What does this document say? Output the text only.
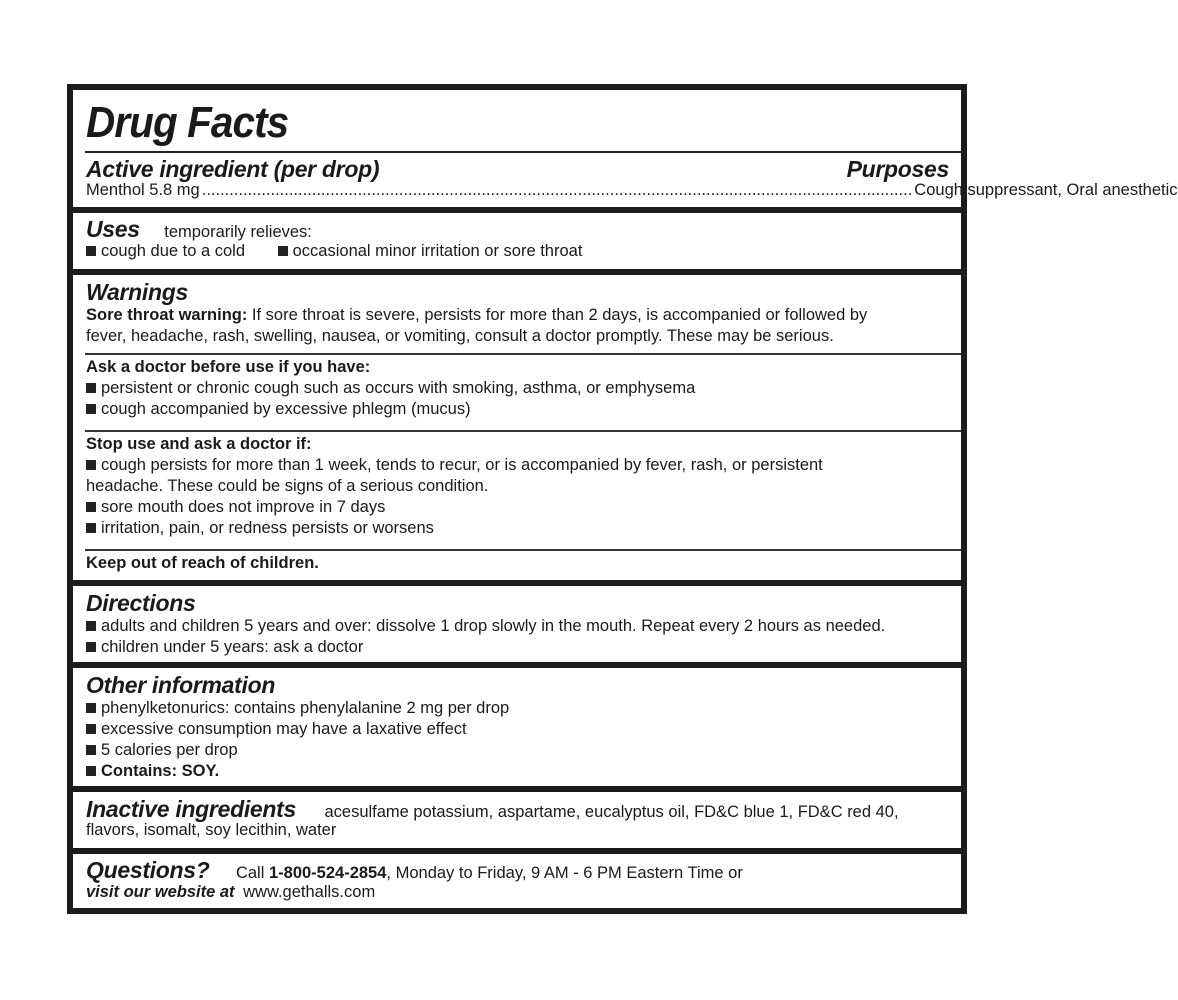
Drug Facts
Active ingredient (per drop)	Purposes
Menthol 5.8 mg ........................................................................................................................................................... Cough suppressant, Oral anesthetic
Uses temporarily relieves:
cough due to a cold	occasional minor irritation or sore throat
Warnings
Sore throat warning: If sore throat is severe, persists for more than 2 days, is accompanied or followed by
fever, headache, rash, swelling, nausea, or vomiting, consult a doctor promptly. These may be serious.
Ask a doctor before use if you have:
persistent or chronic cough such as occurs with smoking, asthma, or emphysema
cough accompanied by excessive phlegm (mucus)
Stop use and ask a doctor if:
cough persists for more than 1 week, tends to recur, or is accompanied by fever, rash, or persistent
headache. These could be signs of a serious condition.
sore mouth does not improve in 7 days
irritation, pain, or redness persists or worsens
Keep out of reach of children.
Directions
adults and children 5 years and over: dissolve 1 drop slowly in the mouth. Repeat every 2 hours as needed.
children under 5 years: ask a doctor
Other information
phenylketonurics: contains phenylalanine 2 mg per drop
excessive consumption may have a laxative effect
5 calories per drop
Contains: SOY.
Inactive ingredients acesulfame potassium, aspartame, eucalyptus oil, FD&C blue 1, FD&C red 40,
flavors, isomalt, soy lecithin, water
Questions? Call 1-800-524-2854, Monday to Friday, 9 AM - 6 PM Eastern Time or
visit our website at www.gethalls.com
